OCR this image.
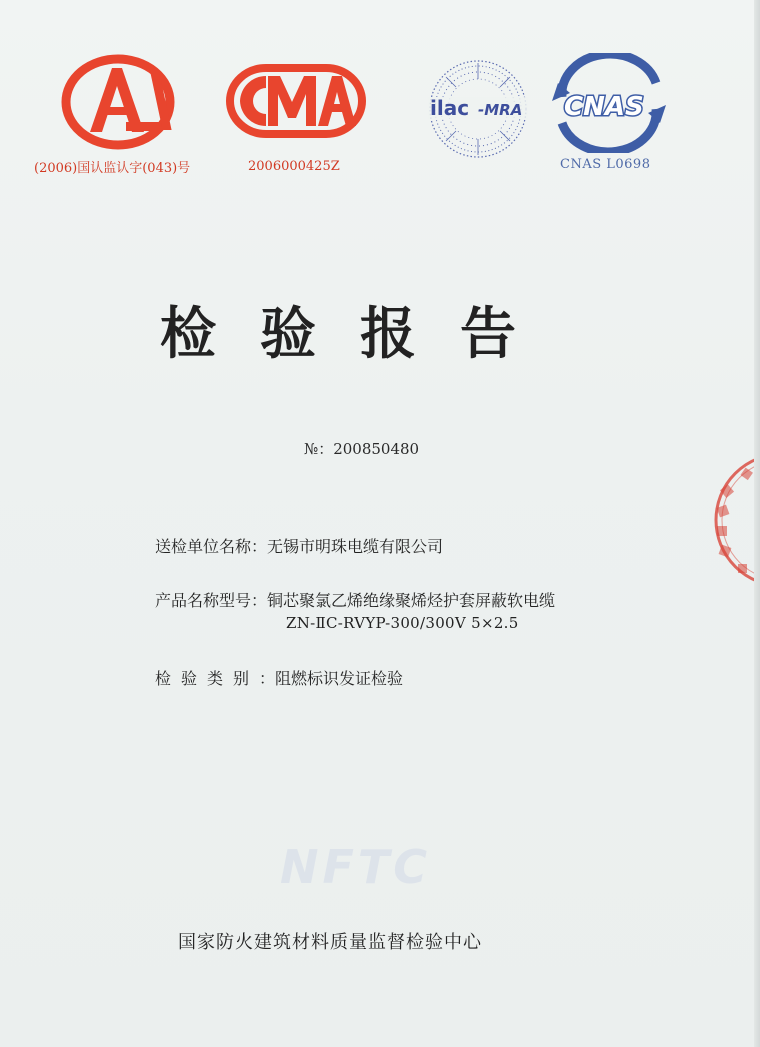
ilac -MRA CNAS
(2006)国认监认字(043)号	2006000425Z	CNAS L0698
检验报告
№：200850480
送检单位名称：无锡市明珠电缆有限公司
产品名称型号：铜芯聚氯乙烯绝缘聚烯烃护套屏蔽软电缆
ZN-ⅡC-RVYP-300/300V 5×2.5
检验类别：阻燃标识发证检验
NFTC
国家防火建筑材料质量监督检验中心
